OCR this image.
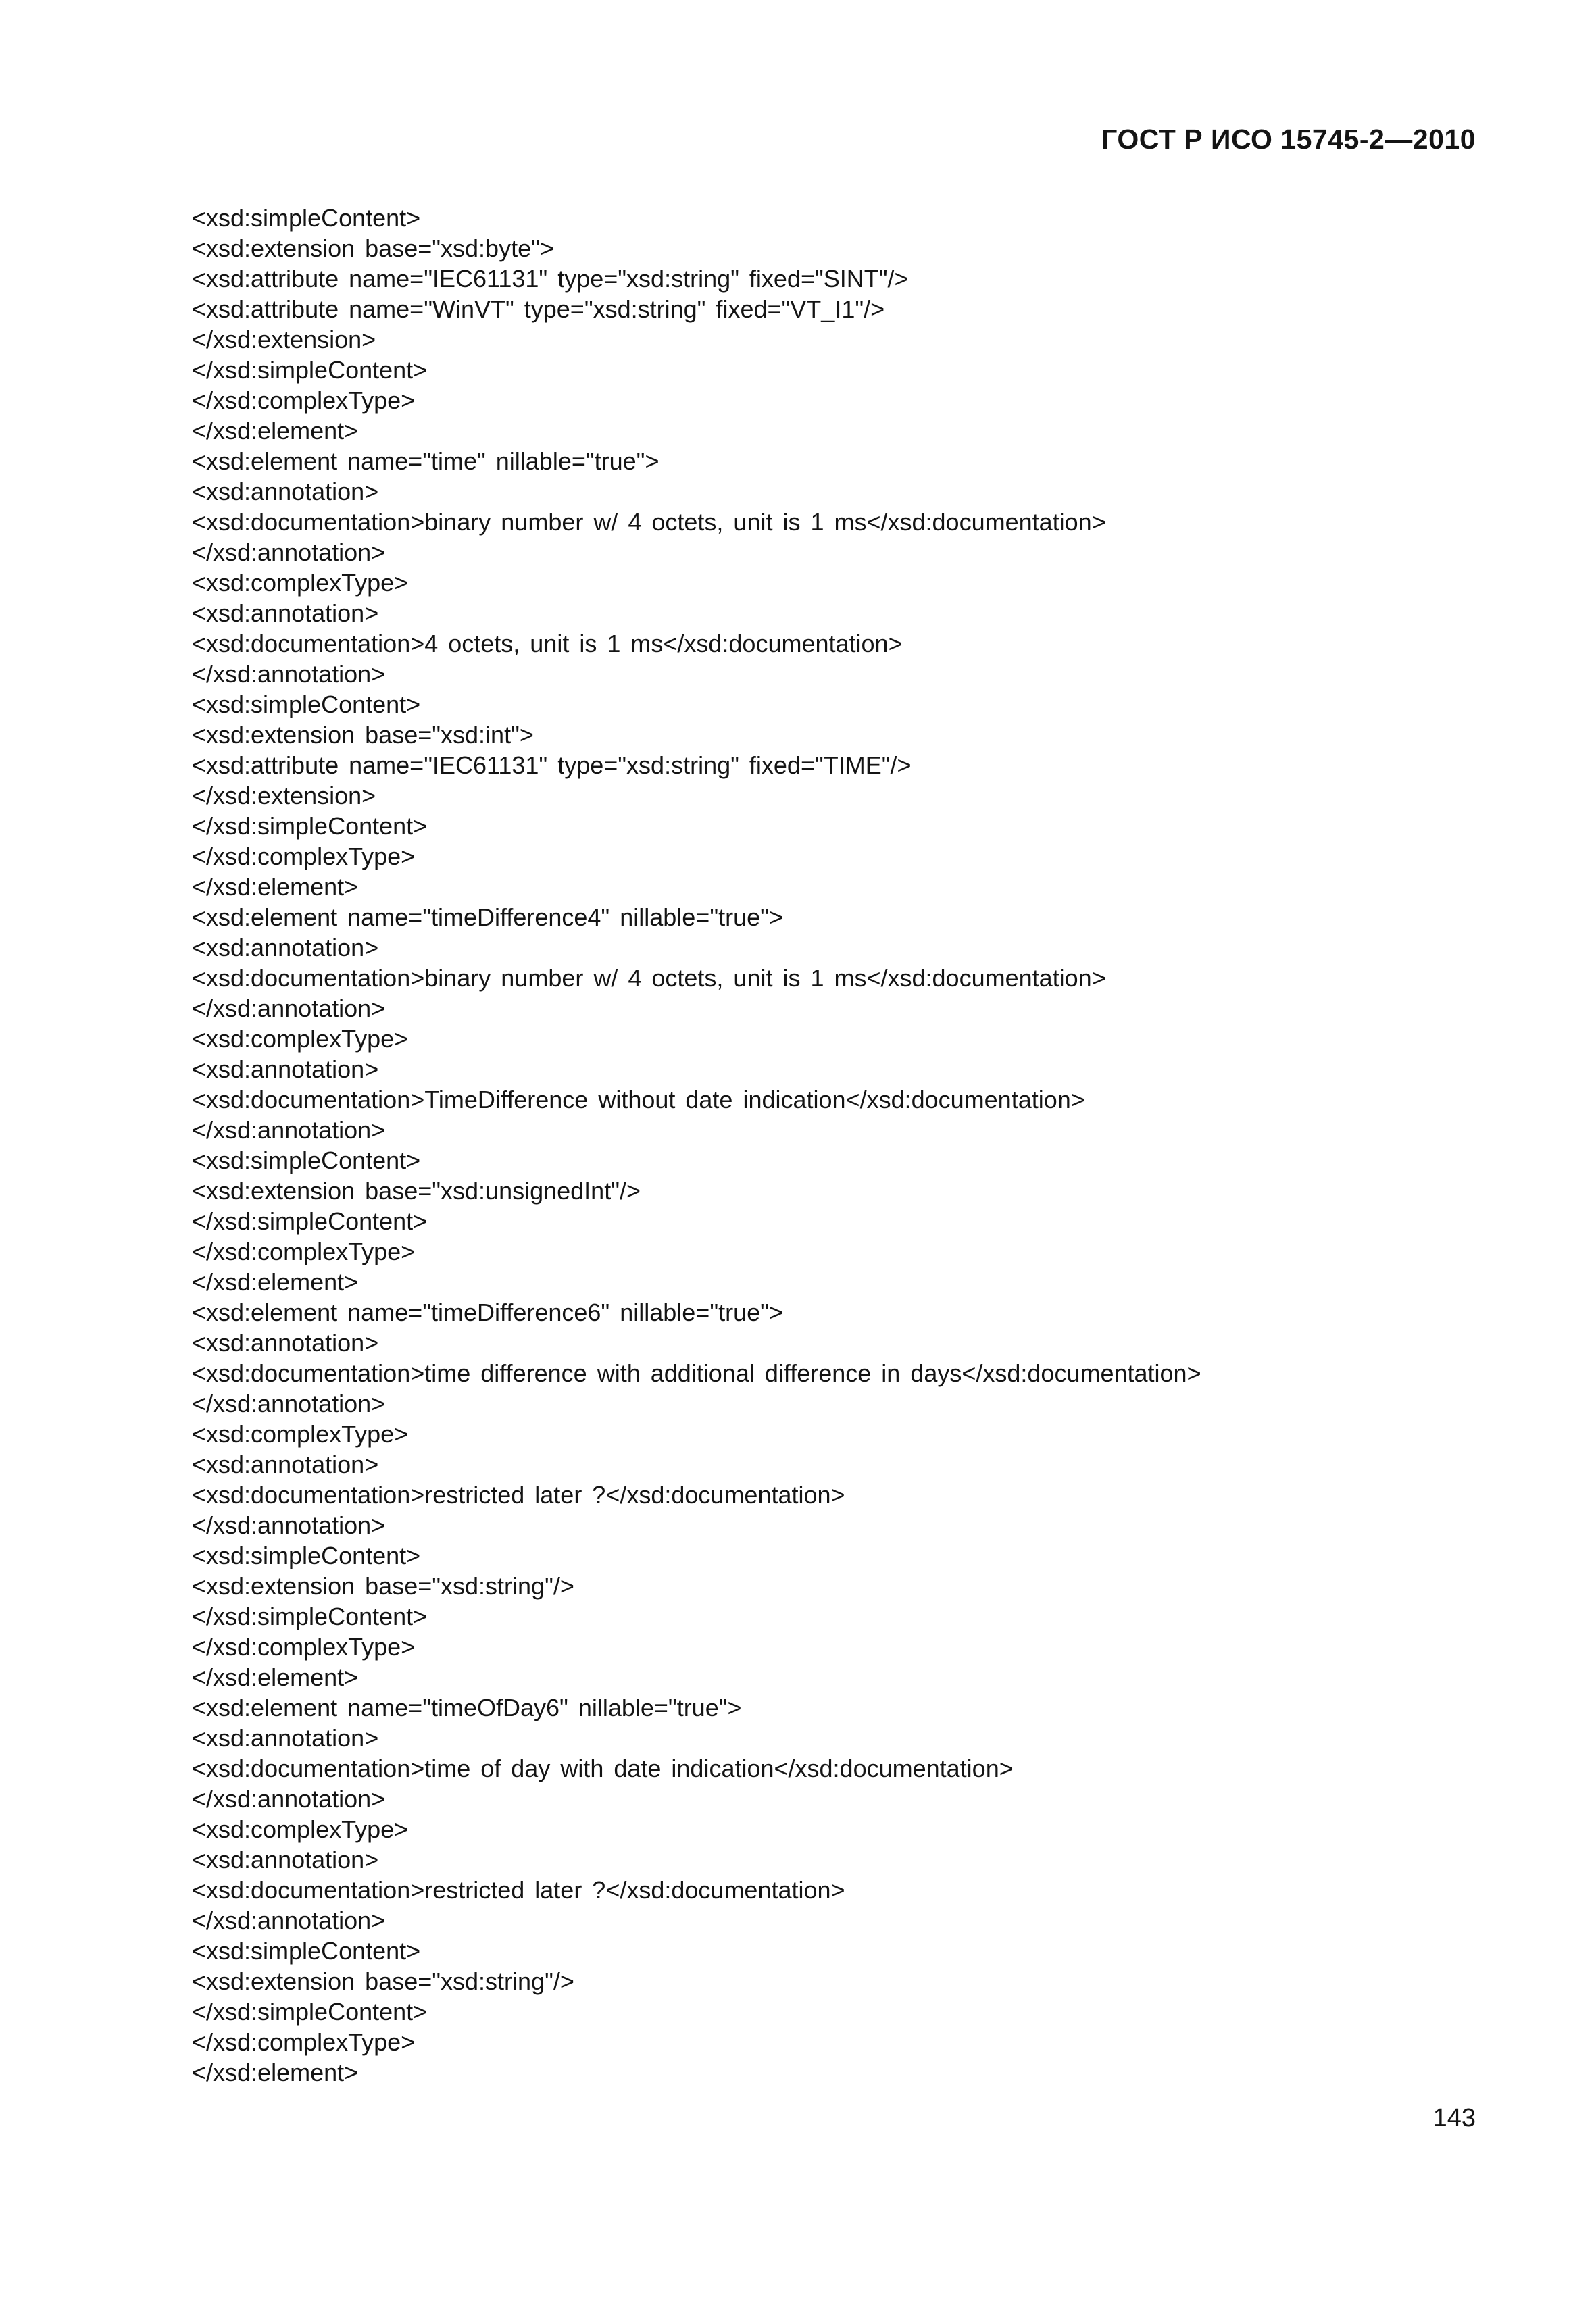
ГОСТ Р ИСО 15745-2—2010
<xsd:simpleContent>
<xsd:extension base="xsd:byte">
<xsd:attribute name="IEC61131" type="xsd:string" fixed="SINT"/>
<xsd:attribute name="WinVT" type="xsd:string" fixed="VT_I1"/>
</xsd:extension>
</xsd:simpleContent>
</xsd:complexType>
</xsd:element>
<xsd:element name="time" nillable="true">
<xsd:annotation>
<xsd:documentation>binary number w/ 4 octets, unit is 1 ms</xsd:documentation>
</xsd:annotation>
<xsd:complexType>
<xsd:annotation>
<xsd:documentation>4 octets, unit is 1 ms</xsd:documentation>
</xsd:annotation>
<xsd:simpleContent>
<xsd:extension base="xsd:int">
<xsd:attribute name="IEC61131" type="xsd:string" fixed="TIME"/>
</xsd:extension>
</xsd:simpleContent>
</xsd:complexType>
</xsd:element>
<xsd:element name="timeDifference4" nillable="true">
<xsd:annotation>
<xsd:documentation>binary number w/ 4 octets, unit is 1 ms</xsd:documentation>
</xsd:annotation>
<xsd:complexType>
<xsd:annotation>
<xsd:documentation>TimeDifference without date indication</xsd:documentation>
</xsd:annotation>
<xsd:simpleContent>
<xsd:extension base="xsd:unsignedInt"/>
</xsd:simpleContent>
</xsd:complexType>
</xsd:element>
<xsd:element name="timeDifference6" nillable="true">
<xsd:annotation>
<xsd:documentation>time difference with additional difference in days</xsd:documentation>
</xsd:annotation>
<xsd:complexType>
<xsd:annotation>
<xsd:documentation>restricted later ?</xsd:documentation>
</xsd:annotation>
<xsd:simpleContent>
<xsd:extension base="xsd:string"/>
</xsd:simpleContent>
</xsd:complexType>
</xsd:element>
<xsd:element name="timeOfDay6" nillable="true">
<xsd:annotation>
<xsd:documentation>time of day with date indication</xsd:documentation>
</xsd:annotation>
<xsd:complexType>
<xsd:annotation>
<xsd:documentation>restricted later ?</xsd:documentation>
</xsd:annotation>
<xsd:simpleContent>
<xsd:extension base="xsd:string"/>
</xsd:simpleContent>
</xsd:complexType>
</xsd:element>
143
